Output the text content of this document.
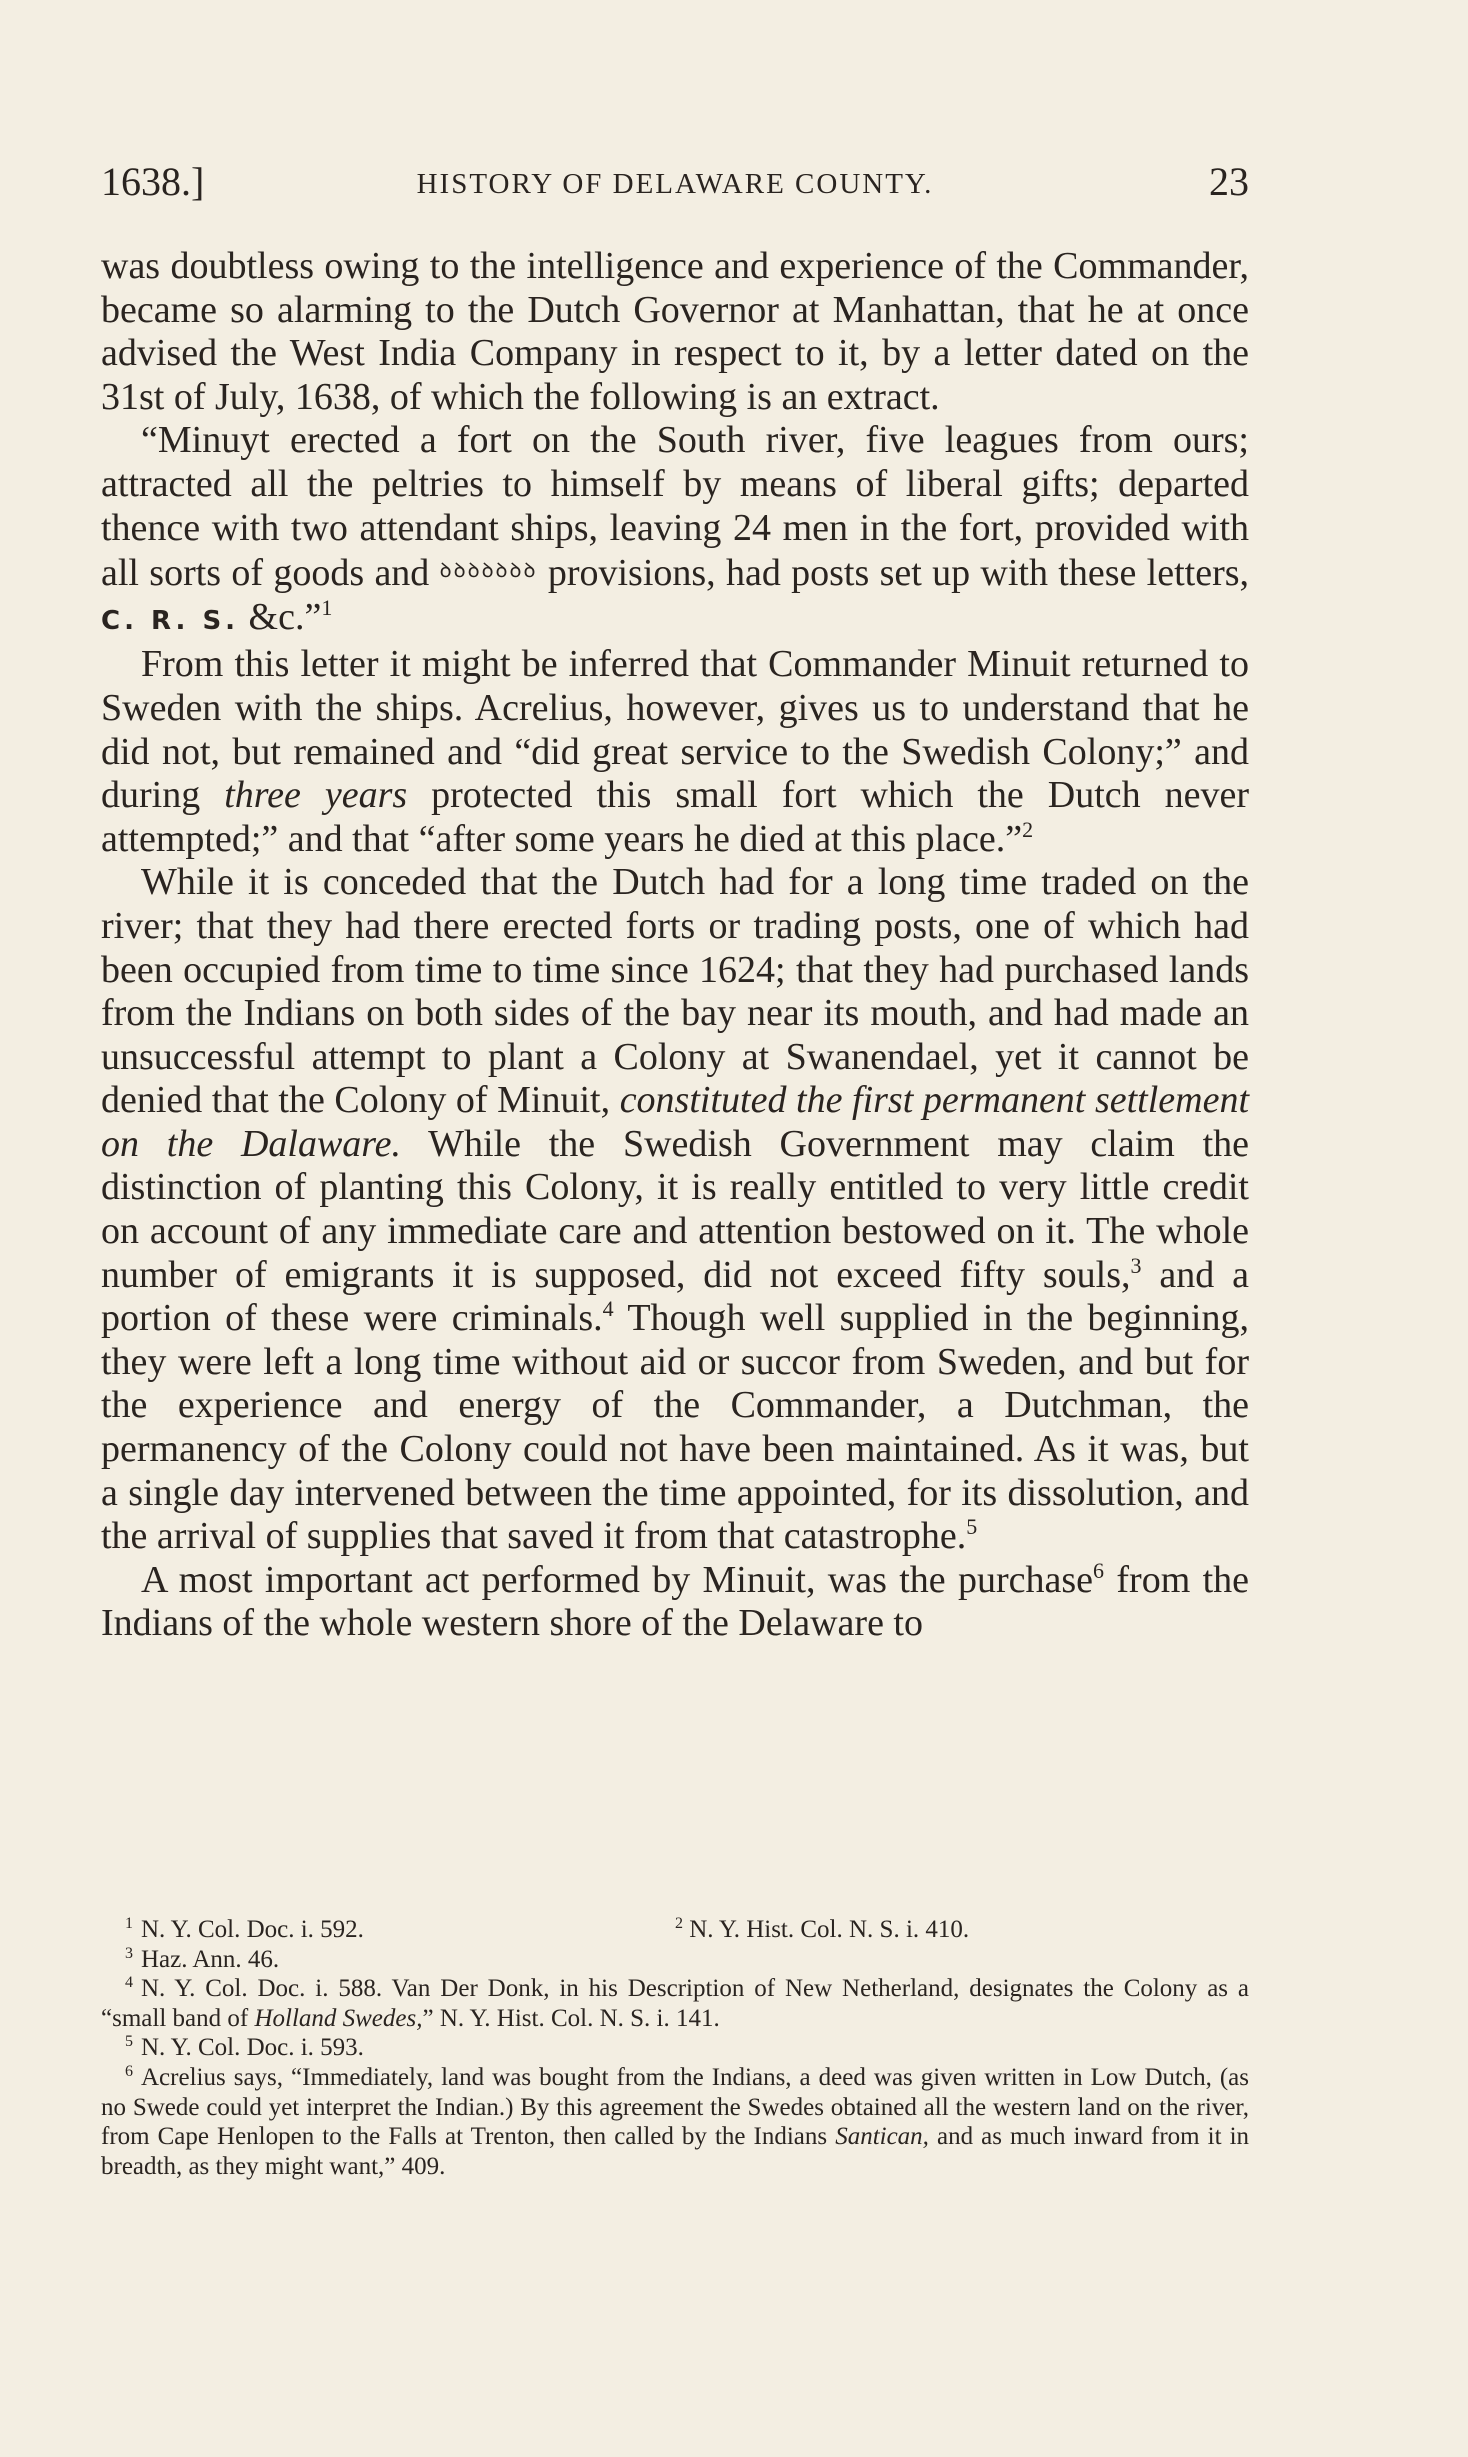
1638.]	HISTORY OF DELAWARE COUNTY.	23

was doubtless owing to the intelligence and experience of the Commander, became so alarming to the Dutch Governor at Manhattan, that he at once advised the West India Company in respect to it, by a letter dated on the 31st of July, 1638, of which the following is an extract.

“Minuyt erected a fort on the South river, five leagues from ours; attracted all the peltries to himself by means of liberal gifts; departed thence with two attendant ships, leaving 24 men in the fort, provided with all sorts of goods and $^{ꝺꝺꝺꝺꝺꝺꝺ}$ provisions, had posts set up with these letters, C. R. S. &c.”$^1$

From this letter it might be inferred that Commander Minuit returned to Sweden with the ships. Acrelius, however, gives us to understand that he did not, but remained and “did great service to the Swedish Colony;” and during three years protected this small fort which the Dutch never attempted;” and that “after some years he died at this place.”$^2$

While it is conceded that the Dutch had for a long time traded on the river; that they had there erected forts or trading posts, one of which had been occupied from time to time since 1624; that they had purchased lands from the Indians on both sides of the bay near its mouth, and had made an unsuccessful attempt to plant a Colony at Swanendael, yet it cannot be denied that the Colony of Minuit, constituted the first permanent settlement on the Dalaware. While the Swedish Government may claim the distinction of planting this Colony, it is really entitled to very little credit on account of any immediate care and attention bestowed on it. The whole number of emigrants it is supposed, did not exceed fifty souls,$^3$ and a portion of these were criminals.$^4$ Though well supplied in the beginning, they were left a long time without aid or succor from Sweden, and but for the experience and energy of the Commander, a Dutchman, the permanency of the Colony could not have been maintained. As it was, but a single day intervened between the time appointed, for its dissolution, and the arrival of supplies that saved it from that catastrophe.$^5$

A most important act performed by Minuit, was the purchase$^6$ from the Indians of the whole western shore of the Delaware to

$^1$ N. Y. Col. Doc. i. 592.	$^2$ N. Y. Hist. Col. N. S. i. 410.

$^3$ Haz. Ann. 46.

$^4$ N. Y. Col. Doc. i. 588. Van Der Donk, in his Description of New Netherland, designates the Colony as a “small band of Holland Swedes,” N. Y. Hist. Col. N. S. i. 141.

$^5$ N. Y. Col. Doc. i. 593.

$^6$ Acrelius says, “Immediately, land was bought from the Indians, a deed was given written in Low Dutch, (as no Swede could yet interpret the Indian.) By this agreement the Swedes obtained all the western land on the river, from Cape Henlopen to the Falls at Trenton, then called by the Indians Santican, and as much inward from it in breadth, as they might want,” 409.
